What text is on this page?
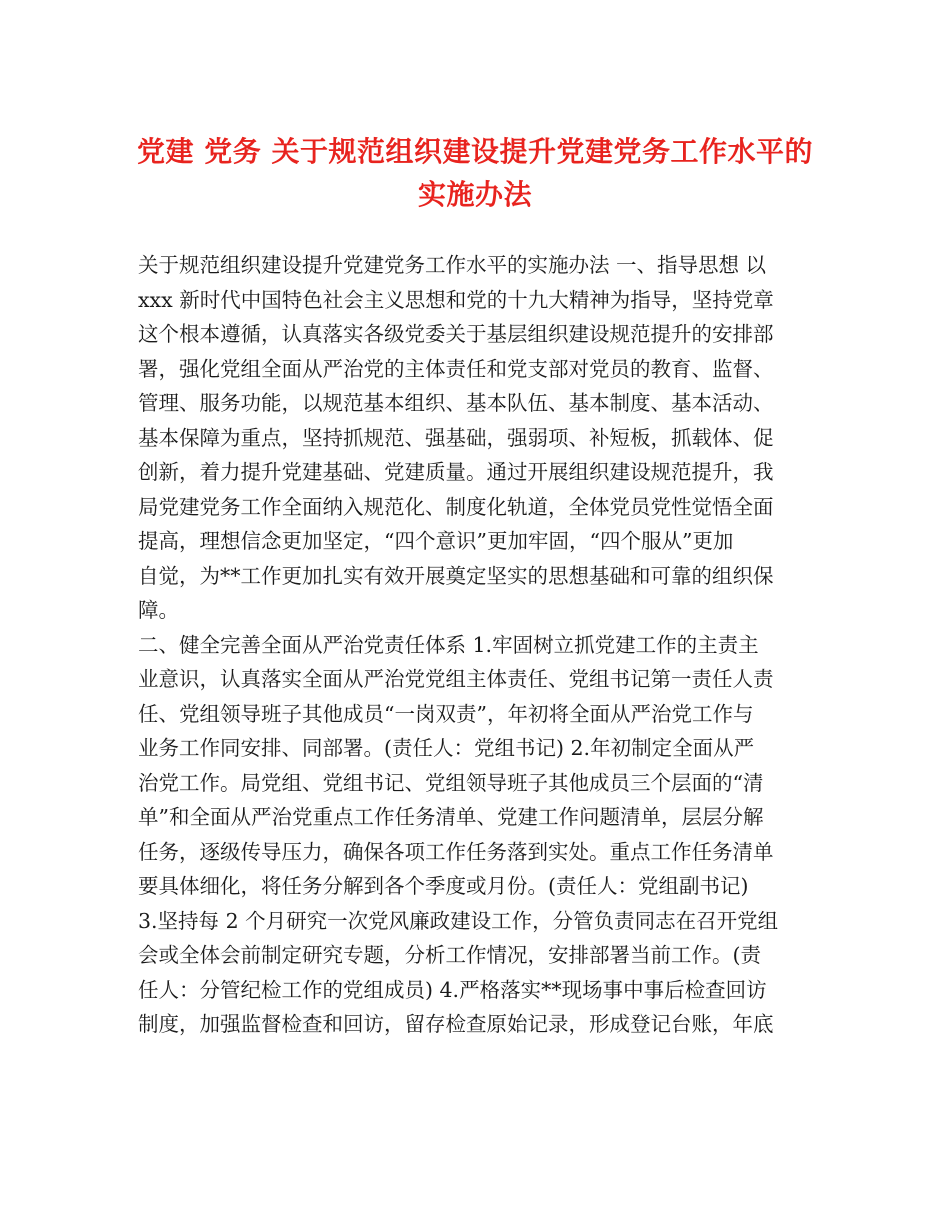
党建 党务 关于规范组织建设提升党建党务工作水平的
实施办法
关于规范组织建设提升党建党务工作水平的实施办法 一、指导思想 以
xxx 新时代中国特色社会主义思想和党的十九大精神为指导，坚持党章
这个根本遵循，认真落实各级党委关于基层组织建设规范提升的安排部
署，强化党组全面从严治党的主体责任和党支部对党员的教育、监督、
管理、服务功能，以规范基本组织、基本队伍、基本制度、基本活动、
基本保障为重点，坚持抓规范、强基础，强弱项、补短板，抓载体、促
创新，着力提升党建基础、党建质量。通过开展组织建设规范提升，我
局党建党务工作全面纳入规范化、制度化轨道，全体党员党性觉悟全面
提高，理想信念更加坚定，“四个意识”更加牢固，“四个服从”更加
自觉，为**工作更加扎实有效开展奠定坚实的思想基础和可靠的组织保
障。
二、健全完善全面从严治党责任体系 1.牢固树立抓党建工作的主责主
业意识，认真落实全面从严治党党组主体责任、党组书记第一责任人责
任、党组领导班子其他成员“一岗双责”，年初将全面从严治党工作与
业务工作同安排、同部署。(责任人：党组书记) 2.年初制定全面从严
治党工作。局党组、党组书记、党组领导班子其他成员三个层面的“清
单”和全面从严治党重点工作任务清单、党建工作问题清单，层层分解
任务，逐级传导压力，确保各项工作任务落到实处。重点工作任务清单
要具体细化，将任务分解到各个季度或月份。(责任人：党组副书记)
3.坚持每 2 个月研究一次党风廉政建设工作，分管负责同志在召开党组
会或全体会前制定研究专题，分析工作情况，安排部署当前工作。(责
任人：分管纪检工作的党组成员) 4.严格落实**现场事中事后检查回访
制度，加强监督检查和回访，留存检查原始记录，形成登记台账，年底
